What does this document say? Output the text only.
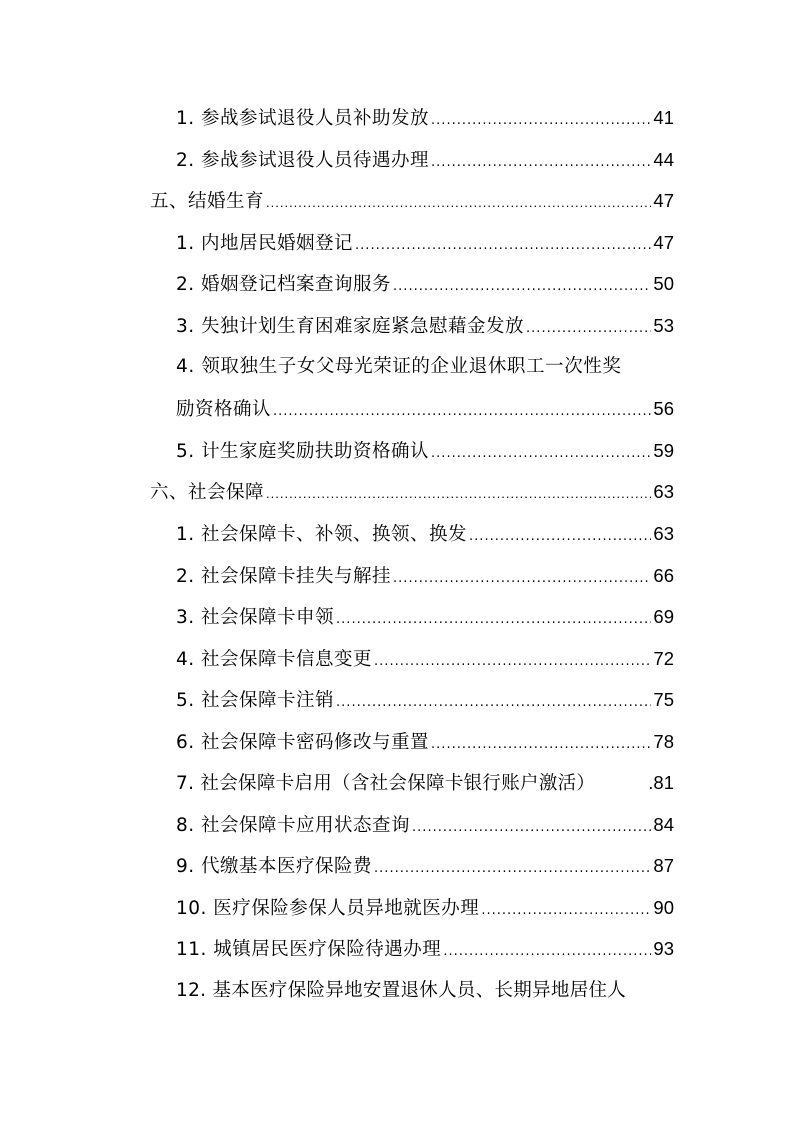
1. 参战参试退役人员补助发放 .....	41
2. 参战参试退役人员待遇办理 .....	44
五、结婚生育 .....	47
1. 内地居民婚姻登记 .....	47
2. 婚姻登记档案查询服务 .....	50
3. 失独计划生育困难家庭紧急慰藉金发放 .....	53
4. 领取独生子女父母光荣证的企业退休职工一次性奖
励资格确认 .....	56
5. 计生家庭奖励扶助资格确认 .....	59
六、社会保障 .....	63
1. 社会保障卡、补领、换领、换发 .....	63
2. 社会保障卡挂失与解挂 .....	66
3. 社会保障卡申领 .....	69
4. 社会保障卡信息变更 .....	72
5. 社会保障卡注销 .....	75
6. 社会保障卡密码修改与重置 .....	78
7. 社会保障卡启用（含社会保障卡银行账户激活）	.81
8. 社会保障卡应用状态查询 .....	84
9. 代缴基本医疗保险费 .....	87
10. 医疗保险参保人员异地就医办理 .....	90
11. 城镇居民医疗保险待遇办理 .....	93
12. 基本医疗保险异地安置退休人员、长期异地居住人
